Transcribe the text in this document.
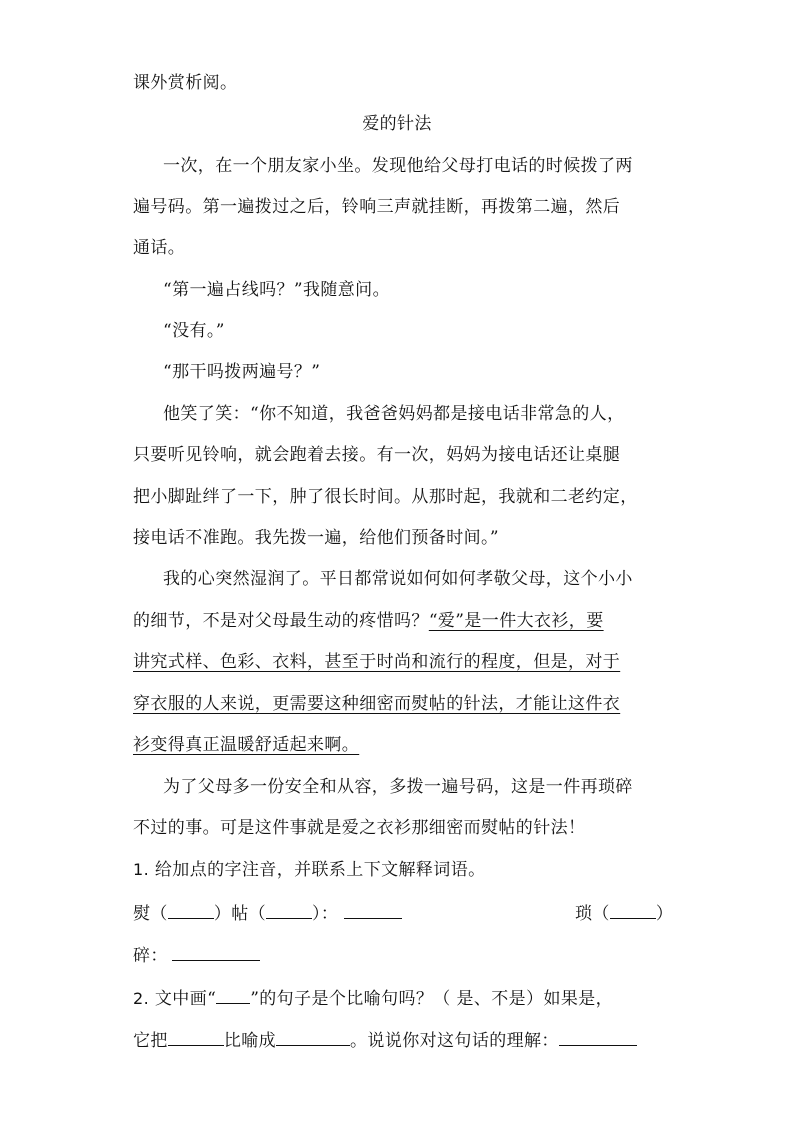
课外赏析阅。
爱的针法
一次，在一个朋友家小坐。发现他给父母打电话的时候拨了两
遍号码。第一遍拨过之后，铃响三声就挂断，再拨第二遍，然后
通话。
“第一遍占线吗？”我随意问。
“没有。”
“那干吗拨两遍号？”
他笑了笑：“你不知道，我爸爸妈妈都是接电话非常急的人，
只要听见铃响，就会跑着去接。有一次，妈妈为接电话还让桌腿
把小脚趾绊了一下，肿了很长时间。从那时起，我就和二老约定，
接电话不准跑。我先拨一遍，给他们预备时间。”
我的心突然湿润了。平日都常说如何如何孝敬父母，这个小小
的细节，不是对父母最生动的疼惜吗？“爱”是一件大衣衫，要
讲究式样、色彩、衣料，甚至于时尚和流行的程度，但是，对于
穿衣服的人来说，更需要这种细密而熨帖的针法，才能让这件衣
衫变得真正温暖舒适起来啊。
为了父母多一份安全和从容，多拨一遍号码，这是一件再琐碎
不过的事。可是这件事就是爱之衣衫那细密而熨帖的针法！
1. 给加点的字注音，并联系上下文解释词语。
熨（	）帖（	）：	琐（	）
碎：
2. 文中画“ ”的句子是个比喻句吗？（ 是、不是）如果是，
它把	比喻成	。说说你对这句话的理解：
